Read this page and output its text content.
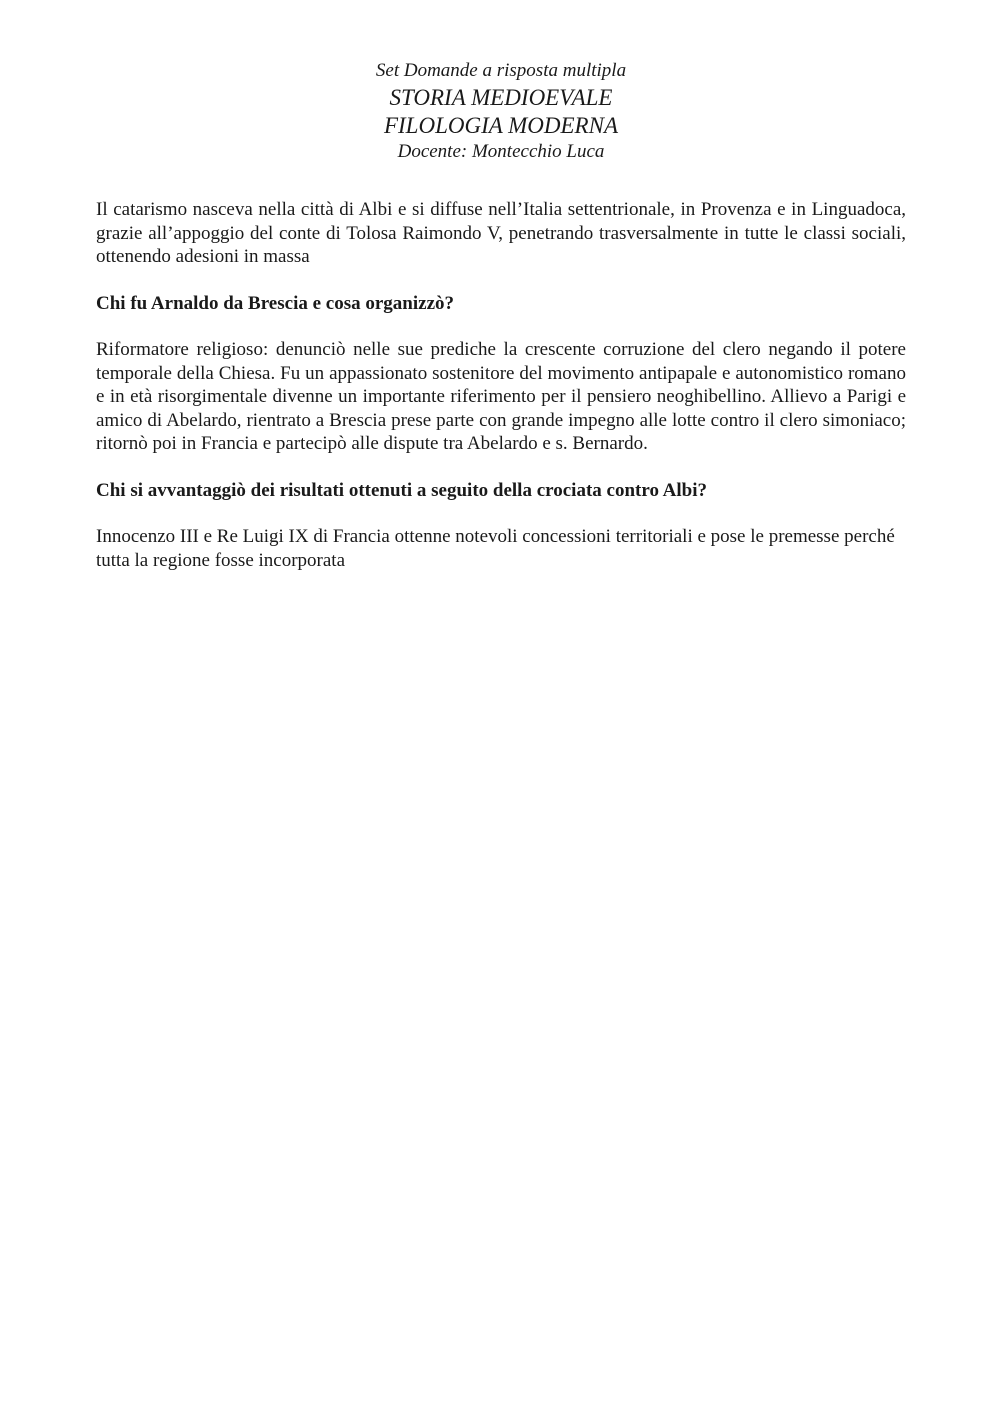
Set Domande a risposta multipla
STORIA MEDIOEVALE
FILOLOGIA MODERNA
Docente: Montecchio Luca

Il catarismo nasceva nella città di Albi e si diffuse nell’Italia settentrionale, in Provenza e in Linguadoca, grazie all’appoggio del conte di Tolosa Raimondo V, penetrando trasversalmente in tutte le classi sociali, ottenendo adesioni in massa

Chi fu Arnaldo da Brescia e cosa organizzò?

Riformatore religioso: denunciò nelle sue prediche la crescente corruzione del clero negando il potere temporale della Chiesa. Fu un appassionato sostenitore del movimento antipapale e autonomistico romano e in età risorgimentale divenne un importante riferimento per il pensiero neoghibellino. Allievo a Parigi e amico di Abelardo, rientrato a Brescia prese parte con grande impegno alle lotte contro il clero simoniaco; ritornò poi in Francia e partecipò alle dispute tra Abelardo e s. Bernardo.

Chi si avvantaggiò dei risultati ottenuti a seguito della crociata contro Albi?

Innocenzo III e Re Luigi IX di Francia ottenne notevoli concessioni territoriali e pose le premesse perché tutta la regione fosse incorporata
